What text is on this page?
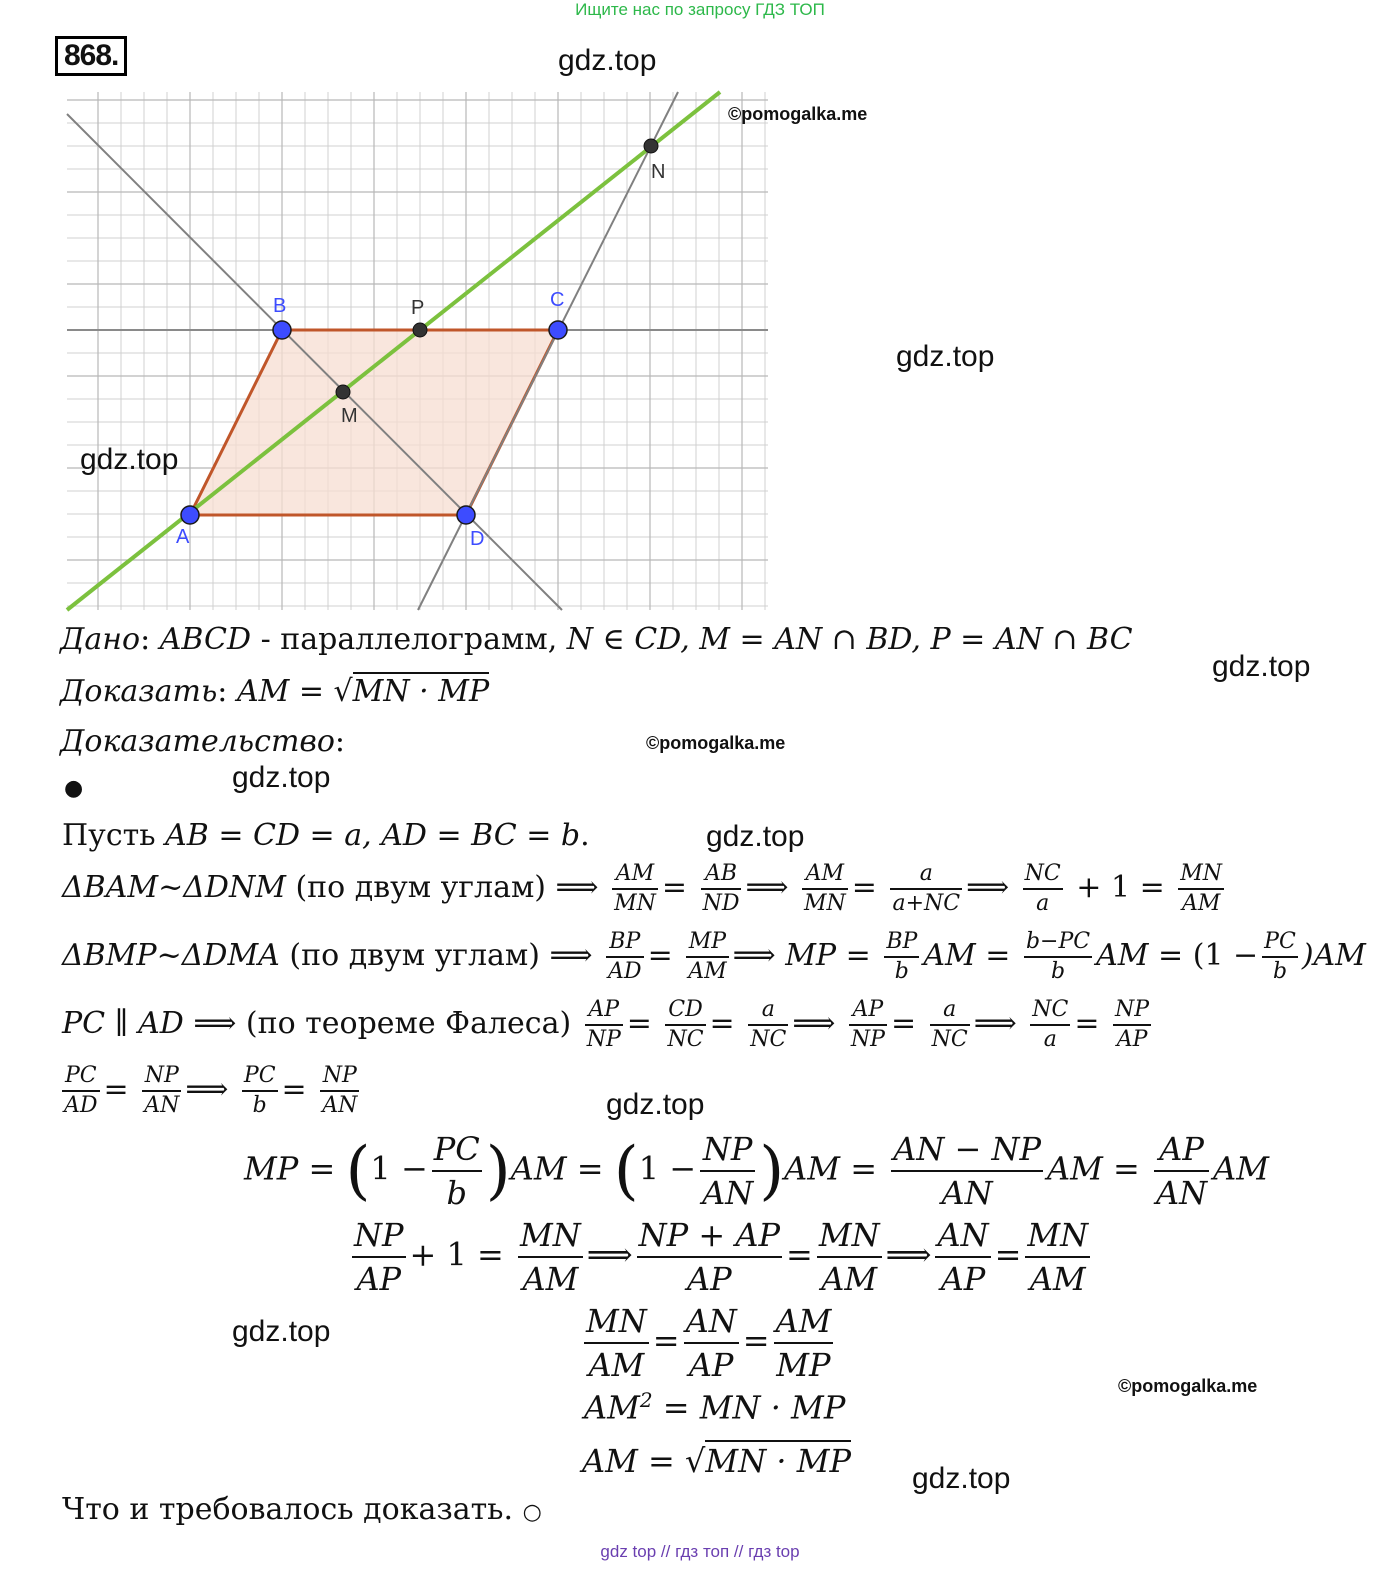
Ищите нас по запросу ГДЗ ТОП
868.
B	C
A	D
P
M
N
gdz.top
©pomogalka.me
gdz.top
gdz.top
gdz.top
©pomogalka.me
gdz.top
gdz.top
gdz.top
gdz.top
©pomogalka.me
gdz.top
Дано: ABCD - параллелограмм, N ∈ CD, M = AN ∩ BD, P = AN ∩ BC
Доказать: AM = √MN · MP
Доказательство:
●
Пусть AB = CD = a, AD = BC = b.
ΔBAM~ΔDNM (по двум углам) ⟹ $\frac{AM}{MN} = \frac{AB}{ND}$ ⟹ $\frac{AM}{MN} = \frac{a}{a+NC}$ ⟹ $\frac{NC}{a} + 1 = \frac{MN}{AM}$
ΔBMP~ΔDMA (по двум углам) ⟹ $\frac{BP}{AD} = \frac{MP}{AM}$ ⟹ MP = $\frac{BP}{b}$ AM = $\frac{b-PC}{b}$ AM = $(1 - \frac{PC}{b} )AM$
PC ∥ AD ⟹ (по теореме Фалеса) $\frac{AP}{NP} = \frac{CD}{NC} = \frac{a}{NC}$ ⟹ $\frac{AP}{NP} = \frac{a}{NC}$ ⟹ $\frac{NC}{a} = \frac{NP}{AP}$
$\frac{PC}{AD} = \frac{NP}{AN}$ ⟹ $\frac{PC}{b} = \frac{NP}{AN}$
MP = $(1 - \frac{PC}{b} )AM = (1 - \frac{NP}{AN} )AM = \frac{AN - NP}{AN}$ AM = $\frac{AP}{AN}$ AM
$\frac{NP}{AP} + 1 = \frac{MN}{AM}$ ⟹ $\frac{NP + AP}{AP} = \frac{MN}{AM}$ ⟹ $\frac{AN}{AP} = \frac{MN}{AM}$
$\frac{MN}{AM} = \frac{AN}{AP} = \frac{AM}{MP}$
$AM^2$ = MN · MP
AM = √MN · MP
Что и требовалось доказать. ○
gdz top // гдз топ // гдз top
